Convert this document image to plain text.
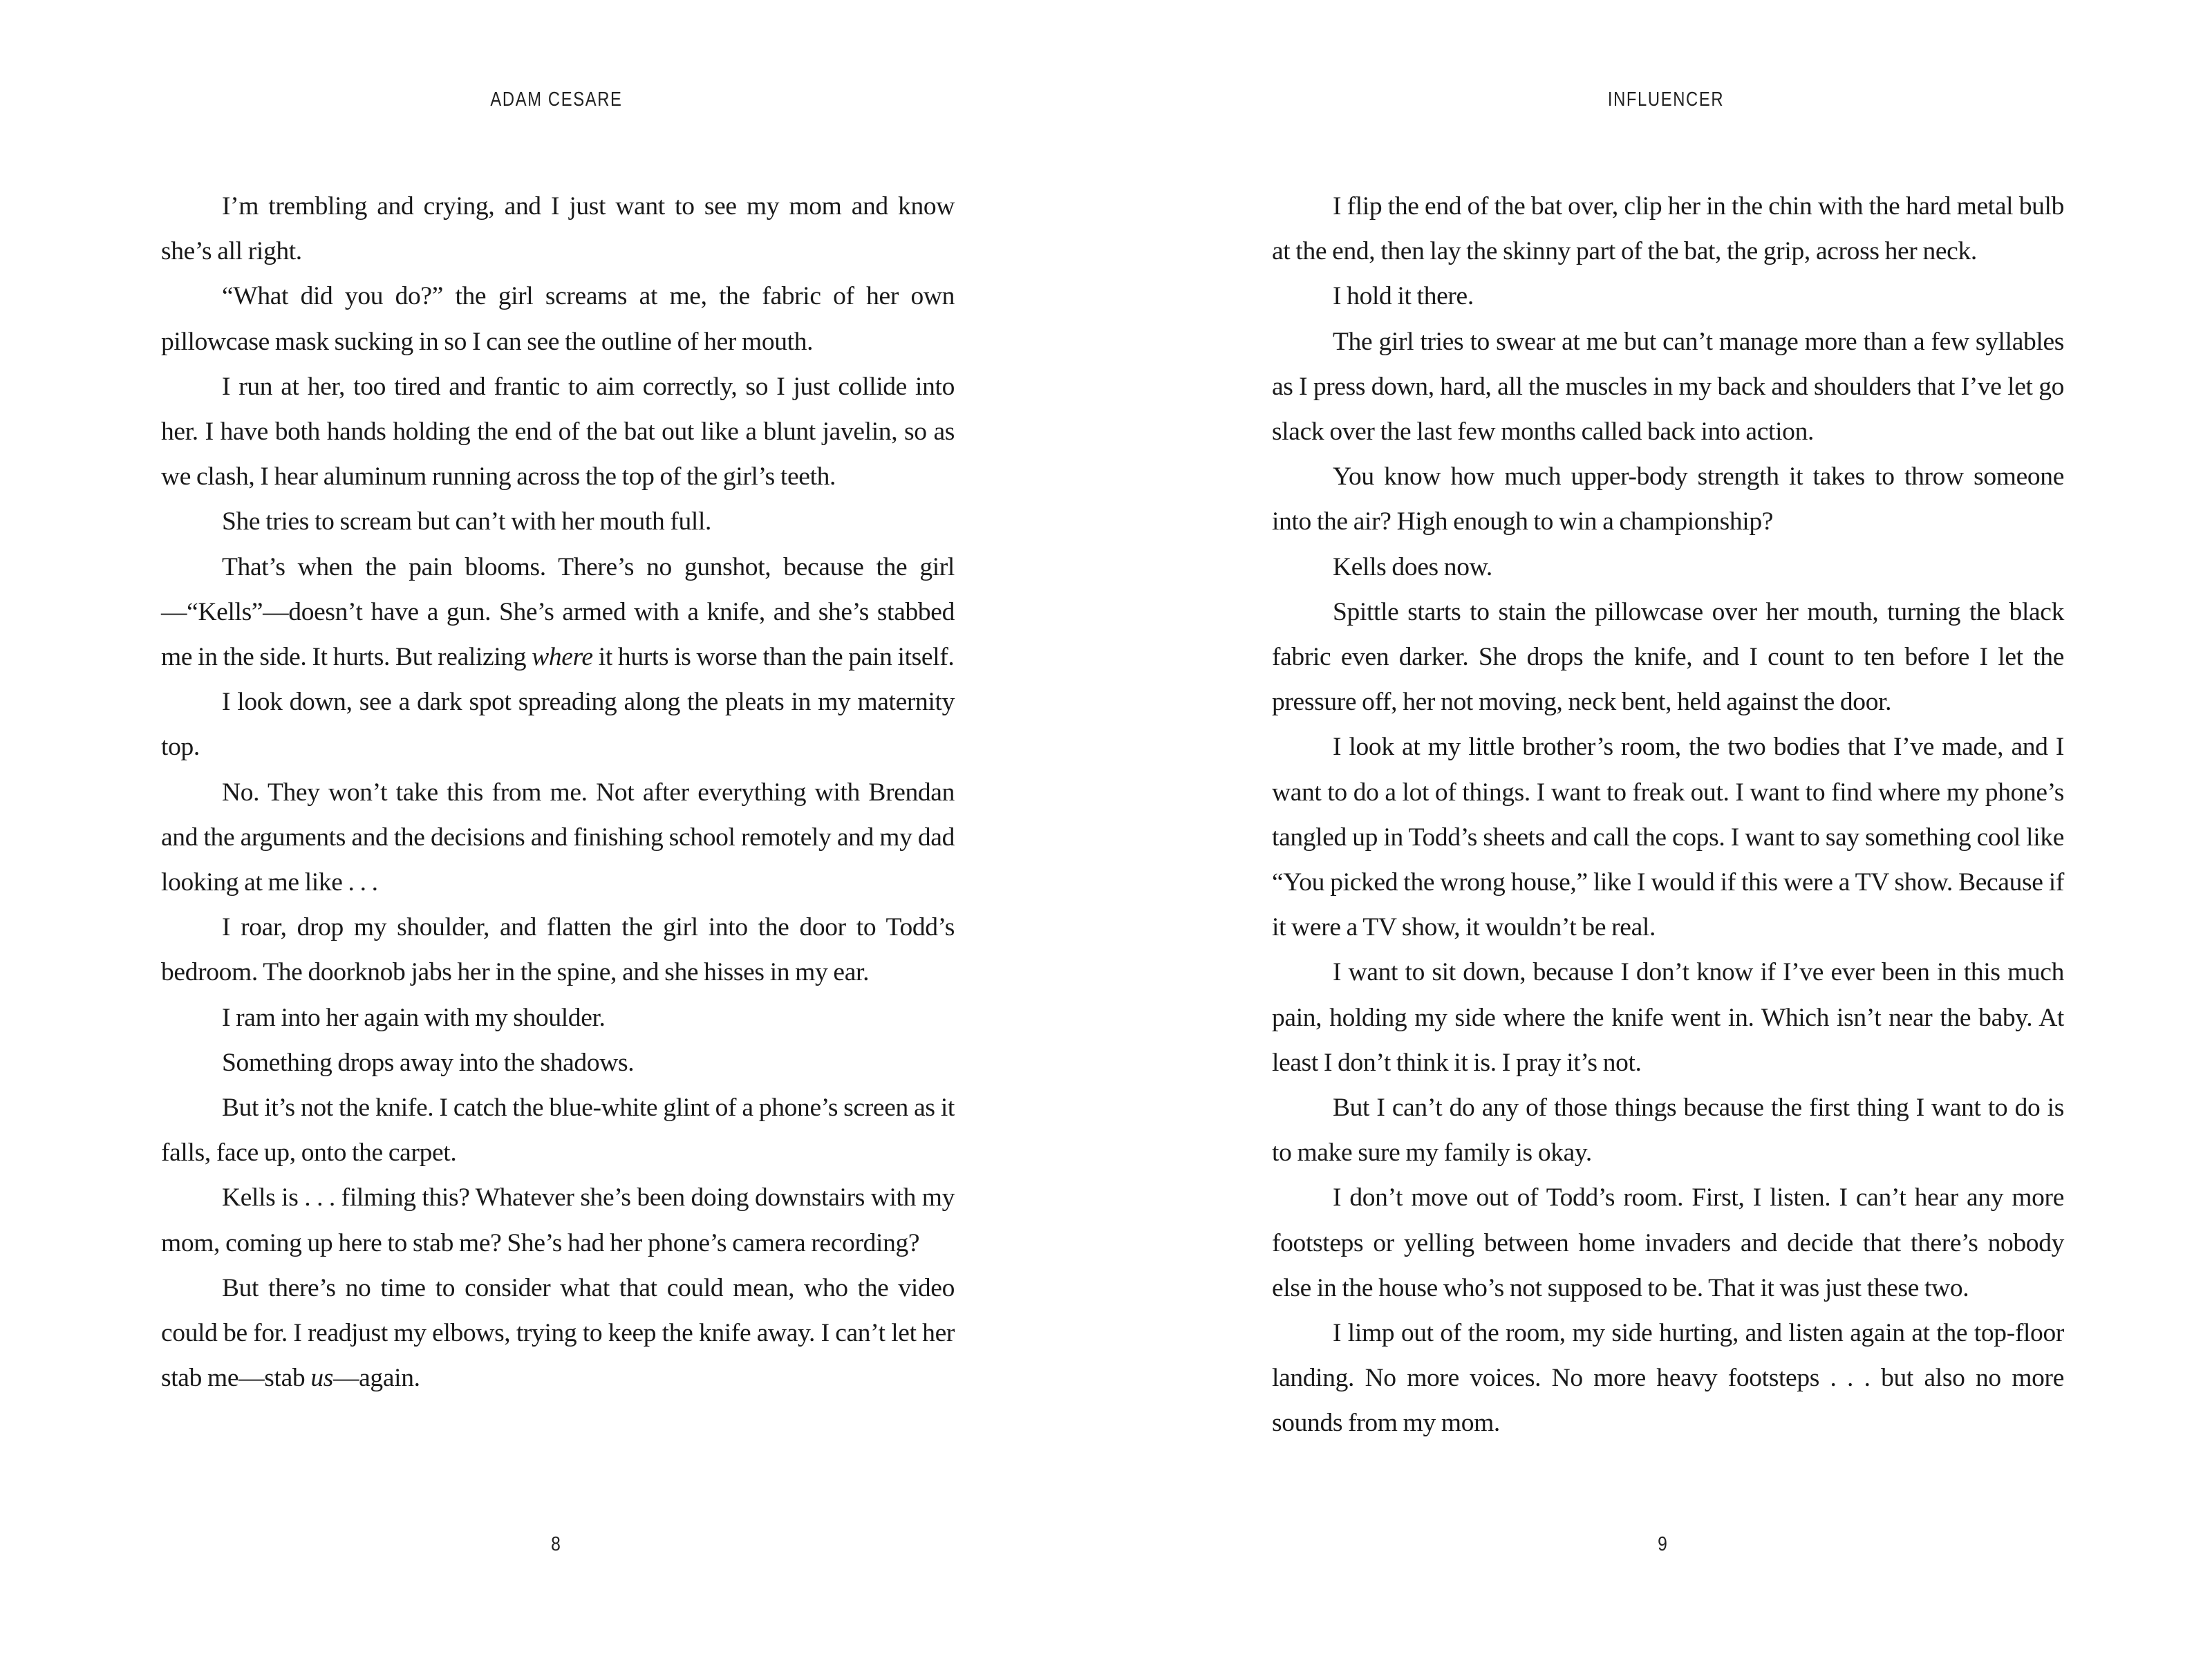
ADAM CESARE

I’m trembling and crying, and I just want to see my mom and know she’s all right.

“What did you do?” the girl screams at me, the fabric of her own pillowcase mask sucking in so I can see the outline of her mouth.

I run at her, too tired and frantic to aim correctly, so I just collide into her. I have both hands holding the end of the bat out like a blunt javelin, so as we clash, I hear aluminum running across the top of the girl’s teeth.

She tries to scream but can’t with her mouth full.

That’s when the pain blooms. There’s no gunshot, because the girl—“Kells”—doesn’t have a gun. She’s armed with a knife, and she’s stabbed me in the side. It hurts. But realizing where it hurts is worse than the pain itself.

I look down, see a dark spot spreading along the pleats in my maternity top.

No. They won’t take this from me. Not after everything with Brendan and the arguments and the decisions and finishing school remotely and my dad looking at me like . . .

I roar, drop my shoulder, and flatten the girl into the door to Todd’s bedroom. The doorknob jabs her in the spine, and she hisses in my ear.

I ram into her again with my shoulder.

Something drops away into the shadows.

But it’s not the knife. I catch the blue-white glint of a phone’s screen as it falls, face up, onto the carpet.

Kells is . . . filming this? Whatever she’s been doing downstairs with my mom, coming up here to stab me? She’s had her phone’s camera recording?

But there’s no time to consider what that could mean, who the video could be for. I readjust my elbows, trying to keep the knife away. I can’t let her stab me—stab us—again.

8
INFLUENCER

I flip the end of the bat over, clip her in the chin with the hard metal bulb at the end, then lay the skinny part of the bat, the grip, across her neck.

I hold it there.

The girl tries to swear at me but can’t manage more than a few syllables as I press down, hard, all the muscles in my back and shoulders that I’ve let go slack over the last few months called back into action.

You know how much upper-body strength it takes to throw someone into the air? High enough to win a championship?

Kells does now.

Spittle starts to stain the pillowcase over her mouth, turning the black fabric even darker. She drops the knife, and I count to ten before I let the pressure off, her not moving, neck bent, held against the door.

I look at my little brother’s room, the two bodies that I’ve made, and I want to do a lot of things. I want to freak out. I want to find where my phone’s tangled up in Todd’s sheets and call the cops. I want to say something cool like “You picked the wrong house,” like I would if this were a TV show. Because if it were a TV show, it wouldn’t be real.

I want to sit down, because I don’t know if I’ve ever been in this much pain, holding my side where the knife went in. Which isn’t near the baby. At least I don’t think it is. I pray it’s not.

But I can’t do any of those things because the first thing I want to do is to make sure my family is okay.

I don’t move out of Todd’s room. First, I listen. I can’t hear any more footsteps or yelling between home invaders and decide that there’s nobody else in the house who’s not supposed to be. That it was just these two.

I limp out of the room, my side hurting, and listen again at the top-floor landing. No more voices. No more heavy footsteps . . . but also no more sounds from my mom.

9
